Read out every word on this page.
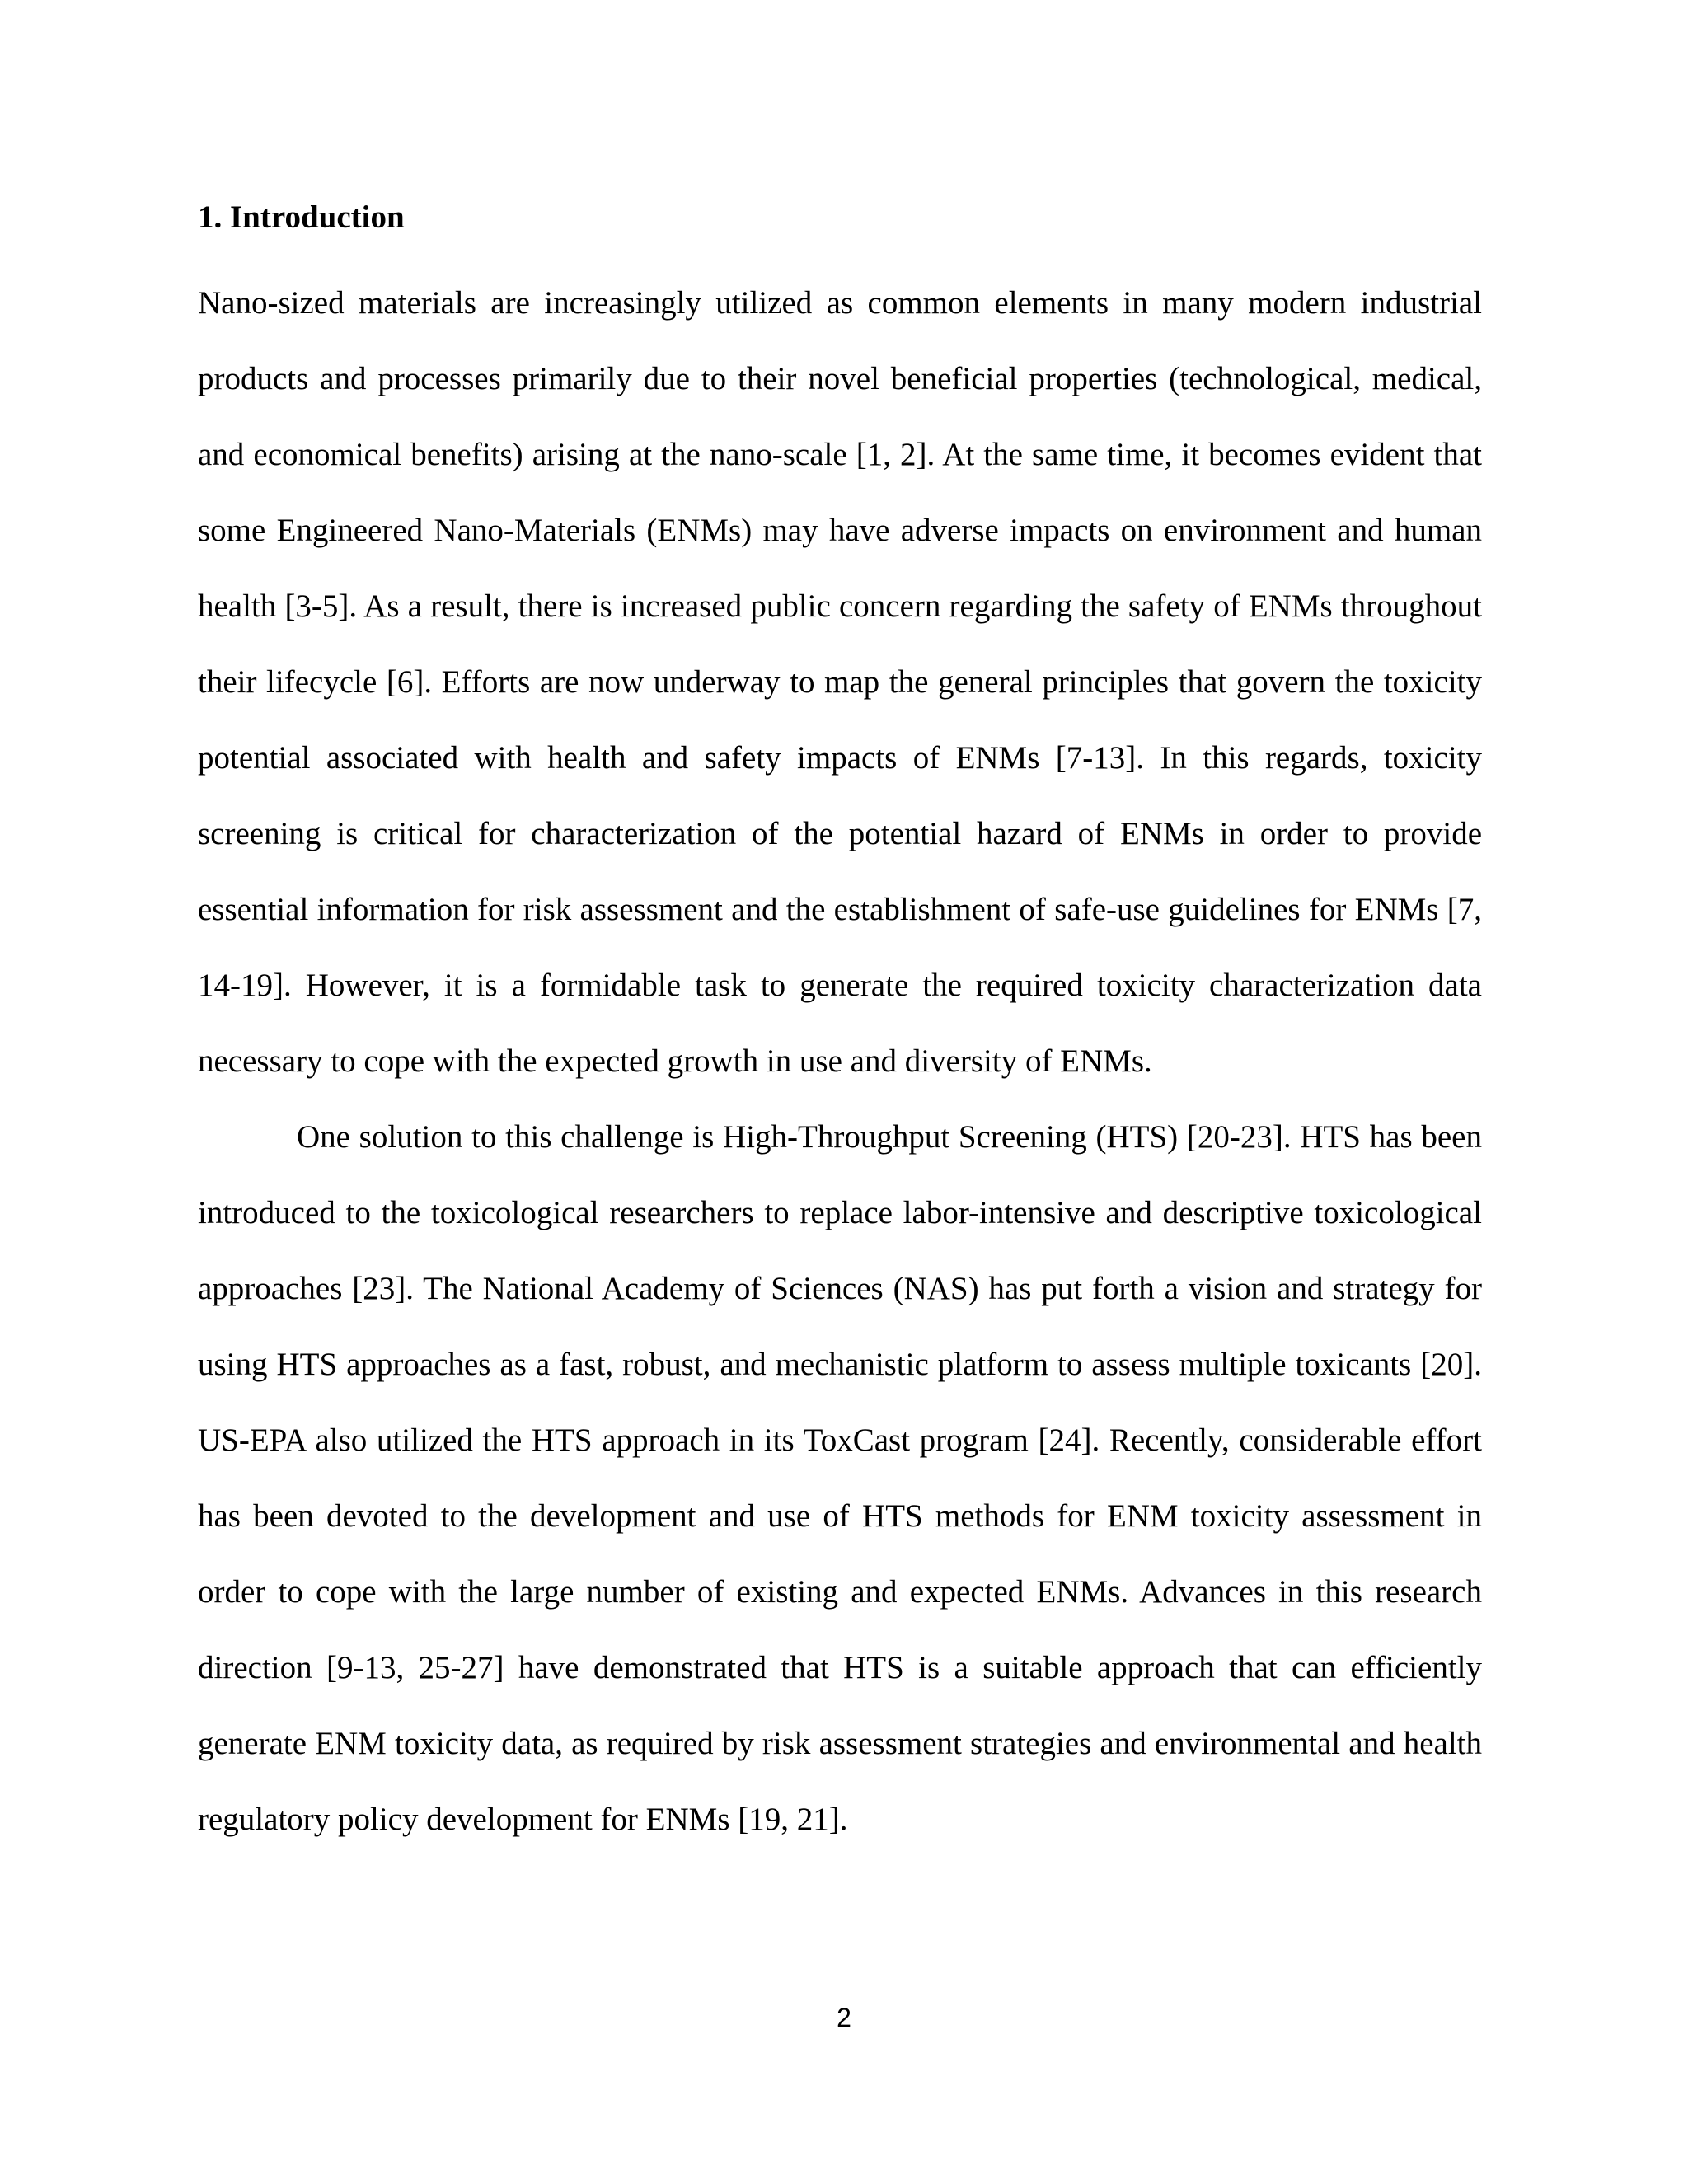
1. Introduction

Nano-sized materials are increasingly utilized as common elements in many modern industrial products and processes primarily due to their novel beneficial properties (technological, medical, and economical benefits) arising at the nano-scale [1, 2]. At the same time, it becomes evident that some Engineered Nano-Materials (ENMs) may have adverse impacts on environment and human health [3-5]. As a result, there is increased public concern regarding the safety of ENMs throughout their lifecycle [6]. Efforts are now underway to map the general principles that govern the toxicity potential associated with health and safety impacts of ENMs [7-13]. In this regards, toxicity screening is critical for characterization of the potential hazard of ENMs in order to provide essential information for risk assessment and the establishment of safe-use guidelines for ENMs [7, 14-19]. However, it is a formidable task to generate the required toxicity characterization data necessary to cope with the expected growth in use and diversity of ENMs.

One solution to this challenge is High-Throughput Screening (HTS) [20-23]. HTS has been introduced to the toxicological researchers to replace labor-intensive and descriptive toxicological approaches [23]. The National Academy of Sciences (NAS) has put forth a vision and strategy for using HTS approaches as a fast, robust, and mechanistic platform to assess multiple toxicants [20]. US-EPA also utilized the HTS approach in its ToxCast program [24]. Recently, considerable effort has been devoted to the development and use of HTS methods for ENM toxicity assessment in order to cope with the large number of existing and expected ENMs. Advances in this research direction [9-13, 25-27] have demonstrated that HTS is a suitable approach that can efficiently generate ENM toxicity data, as required by risk assessment strategies and environmental and health regulatory policy development for ENMs [19, 21].

2
